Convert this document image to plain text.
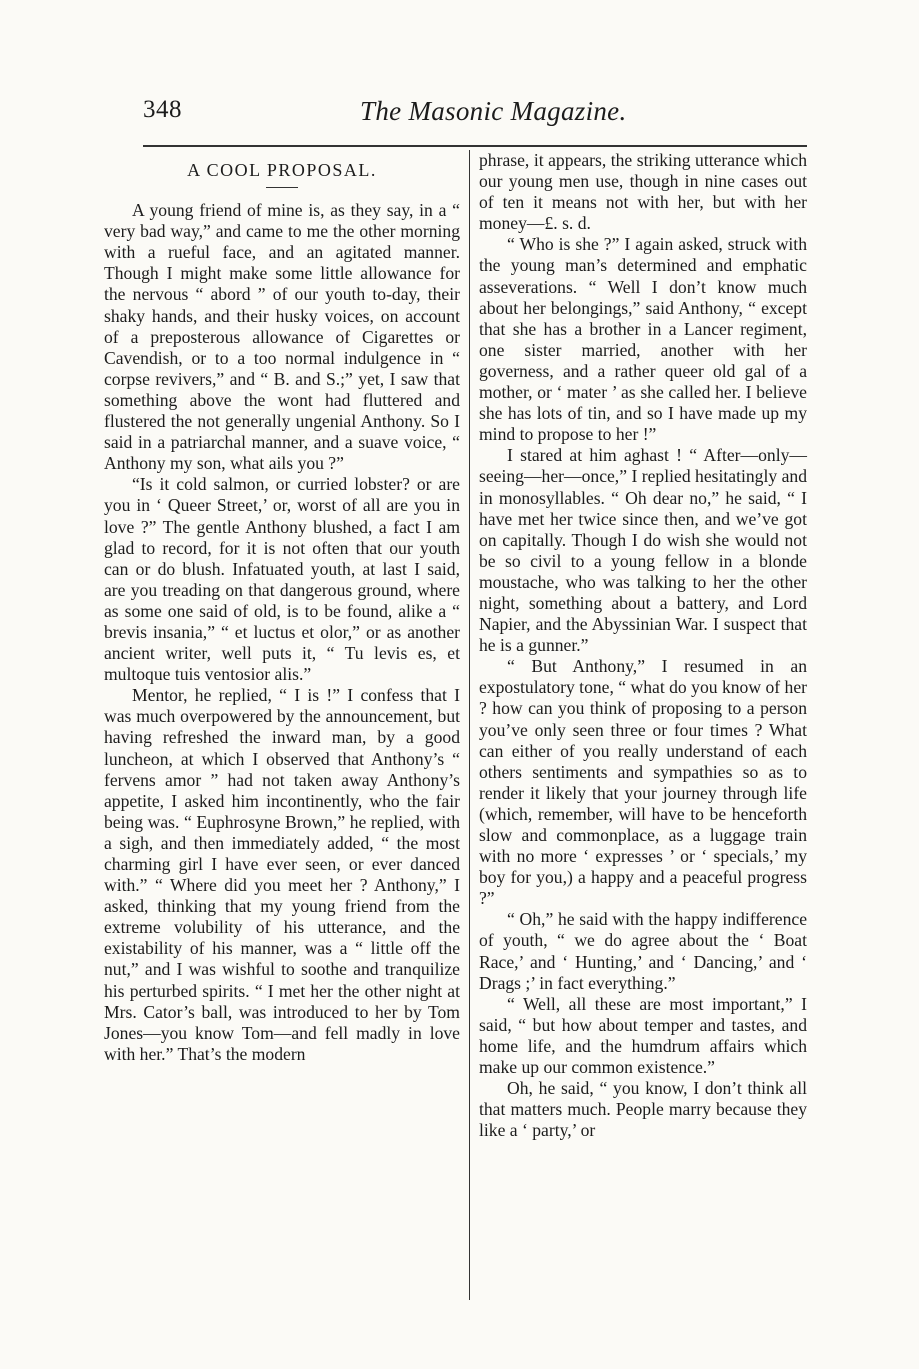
348	The Masonic Magazine.
A COOL PROPOSAL.

A young friend of mine is, as they say, in a “ very bad way,” and came to me the other morning with a rueful face, and an agitated manner. Though I might make some little allowance for the nervous “ abord ” of our youth to-day, their shaky hands, and their husky voices, on account of a preposterous allowance of Cigarettes or Cavendish, or to a too normal indulgence in “ corpse revivers,” and “ B. and S.;” yet, I saw that something above the wont had fluttered and flustered the not generally ungenial Anthony. So I said in a patriarchal manner, and a suave voice, “ Anthony my son, what ails you ?”

“Is it cold salmon, or curried lobster? or are you in ‘ Queer Street,’ or, worst of all are you in love ?” The gentle Anthony blushed, a fact I am glad to record, for it is not often that our youth can or do blush. Infatuated youth, at last I said, are you treading on that dangerous ground, where as some one said of old, is to be found, alike a “ brevis insania,” “ et luctus et olor,” or as another ancient writer, well puts it, “ Tu levis es, et multoque tuis ventosior alis.”

Mentor, he replied, “ I is !” I confess that I was much overpowered by the announcement, but having refreshed the inward man, by a good luncheon, at which I observed that Anthony’s “ fervens amor ” had not taken away Anthony’s appetite, I asked him incontinently, who the fair being was. “ Euphrosyne Brown,” he replied, with a sigh, and then immediately added, “ the most charming girl I have ever seen, or ever danced with.” “ Where did you meet her ? Anthony,” I asked, thinking that my young friend from the extreme volubility of his utterance, and the existability of his manner, was a “ little off the nut,” and I was wishful to soothe and tranquilize his perturbed spirits. “ I met her the other night at Mrs. Cator’s ball, was introduced to her by Tom Jones—you know Tom—and fell madly in love with her.” That’s the modern

phrase, it appears, the striking utterance which our young men use, though in nine cases out of ten it means not with her, but with her money—£. s. d.

“ Who is she ?” I again asked, struck with the young man’s determined and emphatic asseverations. “ Well I don’t know much about her belongings,” said Anthony, “ except that she has a brother in a Lancer regiment, one sister married, another with her governess, and a rather queer old gal of a mother, or ‘ mater ’ as she called her. I believe she has lots of tin, and so I have made up my mind to propose to her !”

I stared at him aghast ! “ After—only—seeing—her—once,” I replied hesitatingly and in monosyllables. “ Oh dear no,” he said, “ I have met her twice since then, and we’ve got on capitally. Though I do wish she would not be so civil to a young fellow in a blonde moustache, who was talking to her the other night, something about a battery, and Lord Napier, and the Abyssinian War. I suspect that he is a gunner.”

“ But Anthony,” I resumed in an expostulatory tone, “ what do you know of her ? how can you think of proposing to a person you’ve only seen three or four times ? What can either of you really understand of each others sentiments and sympathies so as to render it likely that your journey through life (which, remember, will have to be henceforth slow and commonplace, as a luggage train with no more ‘ expresses ’ or ‘ specials,’ my boy for you,) a happy and a peaceful progress ?”

“ Oh,” he said with the happy indifference of youth, “ we do agree about the ‘ Boat Race,’ and ‘ Hunting,’ and ‘ Dancing,’ and ‘ Drags ;’ in fact everything.”

“ Well, all these are most important,” I said, “ but how about temper and tastes, and home life, and the humdrum affairs which make up our common existence.”

Oh, he said, “ you know, I don’t think all that matters much. People marry because they like a ‘ party,’ or
